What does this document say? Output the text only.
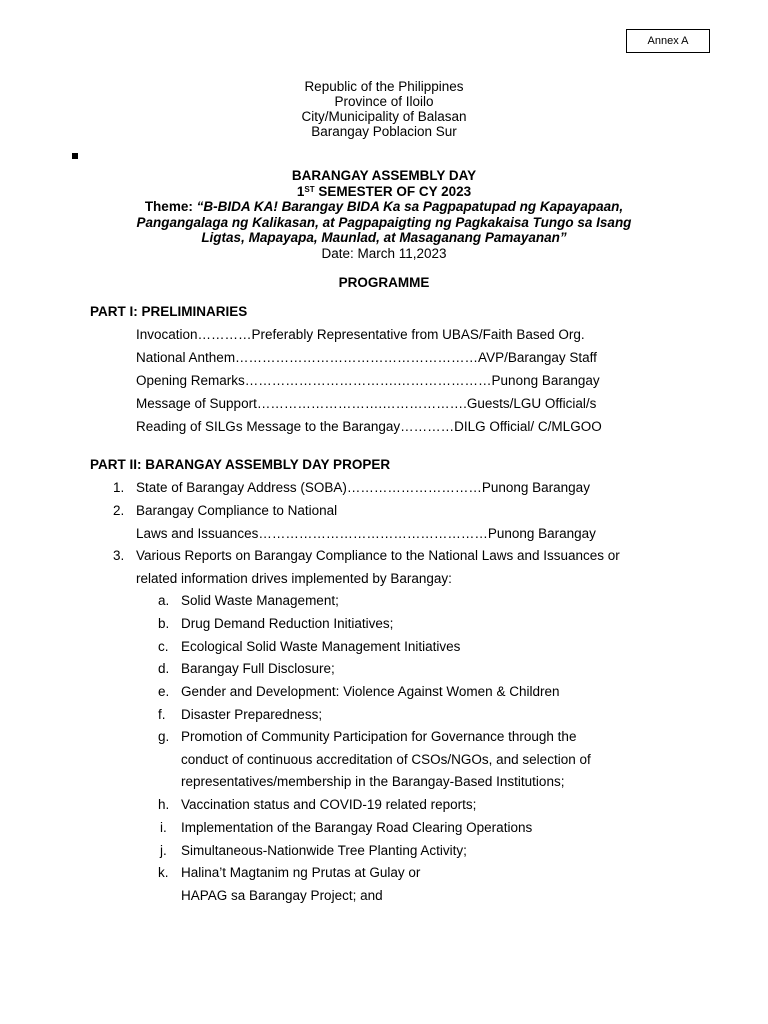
Annex A
Republic of the Philippines
Province of Iloilo
City/Municipality of Balasan
Barangay Poblacion Sur
BARANGAY ASSEMBLY DAY
1ST SEMESTER OF CY 2023
Theme: “B-BIDA KA! Barangay BIDA Ka sa Pagpapatupad ng Kapayapaan,
Pangangalaga ng Kalikasan, at Pagpapaigting ng Pagkakaisa Tungo sa Isang
Ligtas, Mapayapa, Maunlad, at Masaganang Pamayanan”
Date: March 11,2023
PROGRAMME
PART I: PRELIMINARIES
Invocation…………Preferably Representative from UBAS/Faith Based Org.
National Anthem………………………………………………AVP/Barangay Staff
Opening Remarks…………………………….…………………Punong Barangay
Message of Support……………………….……………….Guests/LGU Official/s
Reading of SILGs Message to the Barangay…………DILG Official/ C/MLGOO
PART II: BARANGAY ASSEMBLY DAY PROPER
1. State of Barangay Address (SOBA)…………………………Punong Barangay
2. Barangay Compliance to National
Laws and Issuances……………………………………………Punong Barangay
3. Various Reports on Barangay Compliance to the National Laws and Issuances or
related information drives implemented by Barangay:
a. Solid Waste Management;
b. Drug Demand Reduction Initiatives;
c. Ecological Solid Waste Management Initiatives
d. Barangay Full Disclosure;
e. Gender and Development: Violence Against Women & Children
f. Disaster Preparedness;
g. Promotion of Community Participation for Governance through the
conduct of continuous accreditation of CSOs/NGOs, and selection of
representatives/membership in the Barangay-Based Institutions;
h. Vaccination status and COVID-19 related reports;
i. Implementation of the Barangay Road Clearing Operations
j. Simultaneous-Nationwide Tree Planting Activity;
k. Halina’t Magtanim ng Prutas at Gulay or
HAPAG sa Barangay Project; and
